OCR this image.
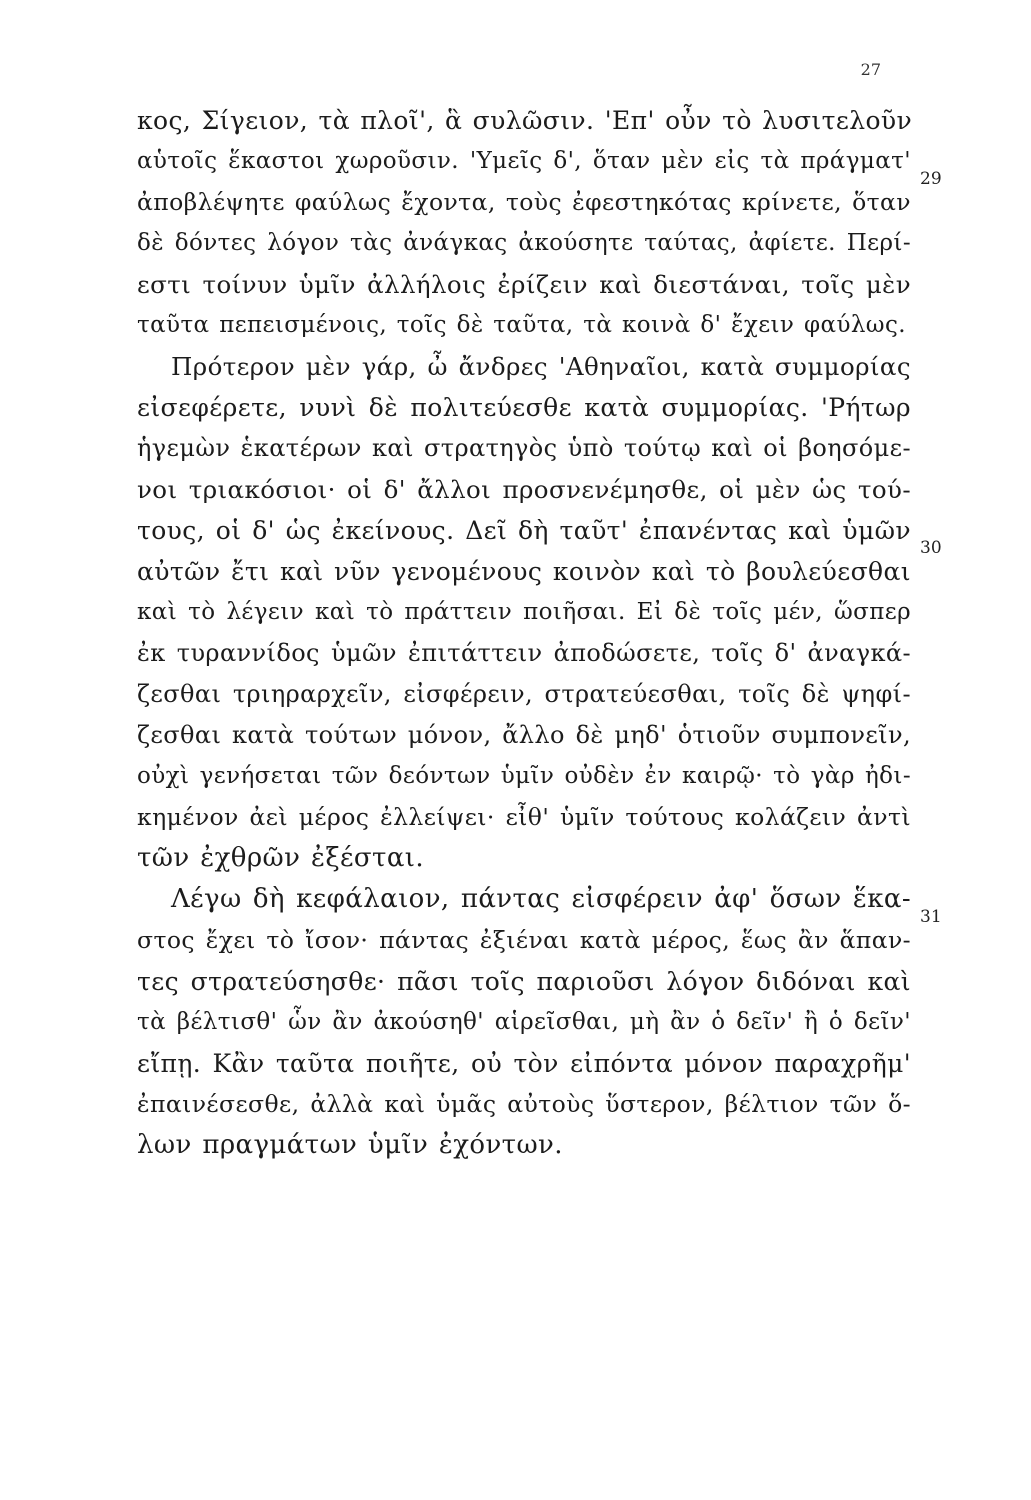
27
κος, Σίγειον, τὰ πλοῖ', ἃ συλῶσιν. 'Επ' οὖν τὸ λυσιτελοῦν
αὑτοῖς ἕκαστοι χωροῦσιν. 'Υμεῖς δ', ὅταν μὲν εἰς τὰ πράγματ'
ἀποβλέψητε φαύλως ἔχοντα, τοὺς ἐφεστηκότας κρίνετε, ὅταν
δὲ δόντες λόγον τὰς ἀνάγκας ἀκούσητε ταύτας, ἀφίετε. Περί-
εστι τοίνυν ὑμῖν ἀλλήλοις ἐρίζειν καὶ διεστάναι, τοῖς μὲν
ταῦτα πεπεισμένοις, τοῖς δὲ ταῦτα, τὰ κοινὰ δ' ἔχειν φαύλως.
Πρότερον μὲν γάρ, ὦ ἄνδρες 'Αθηναῖοι, κατὰ συμμορίας
εἰσεφέρετε, νυνὶ δὲ πολιτεύεσθε κατὰ συμμορίας. 'Ρήτωρ
ἡγεμὼν ἑκατέρων καὶ στρατηγὸς ὑπὸ τούτῳ καὶ οἱ βοησόμε-
νοι τριακόσιοι· οἱ δ' ἄλλοι προσνενέμησθε, οἱ μὲν ὡς τού-
τους, οἱ δ' ὡς ἐκείνους. Δεῖ δὴ ταῦτ' ἐπανέντας καὶ ὑμῶν
αὐτῶν ἔτι καὶ νῦν γενομένους κοινὸν καὶ τὸ βουλεύεσθαι
καὶ τὸ λέγειν καὶ τὸ πράττειν ποιῆσαι. Εἰ δὲ τοῖς μέν, ὥσπερ
ἐκ τυραννίδος ὑμῶν ἐπιτάττειν ἀποδώσετε, τοῖς δ' ἀναγκά-
ζεσθαι τριηραρχεῖν, εἰσφέρειν, στρατεύεσθαι, τοῖς δὲ ψηφί-
ζεσθαι κατὰ τούτων μόνον, ἄλλο δὲ μηδ' ὁτιοῦν συμπονεῖν,
οὐχὶ γενήσεται τῶν δεόντων ὑμῖν οὐδὲν ἐν καιρῷ· τὸ γὰρ ἠδι-
κημένον ἀεὶ μέρος ἐλλείψει· εἶθ' ὑμῖν τούτους κολάζειν ἀντὶ
τῶν ἐχθρῶν ἐξέσται.
Λέγω δὴ κεφάλαιον, πάντας εἰσφέρειν ἀφ' ὅσων ἕκα-
στος ἔχει τὸ ἴσον· πάντας ἐξιέναι κατὰ μέρος, ἕως ἂν ἅπαν-
τες στρατεύσησθε· πᾶσι τοῖς παριοῦσι λόγον διδόναι καὶ
τὰ βέλτισθ' ὧν ἂν ἀκούσηθ' αἱρεῖσθαι, μὴ ἂν ὁ δεῖν' ἢ ὁ δεῖν'
εἴπῃ. Κἂν ταῦτα ποιῆτε, οὐ τὸν εἰπόντα μόνον παραχρῆμ'
ἐπαινέσεσθε, ἀλλὰ καὶ ὑμᾶς αὐτοὺς ὕστερον, βέλτιον τῶν ὅ-
λων πραγμάτων ὑμῖν ἐχόντων.
29
30
31
